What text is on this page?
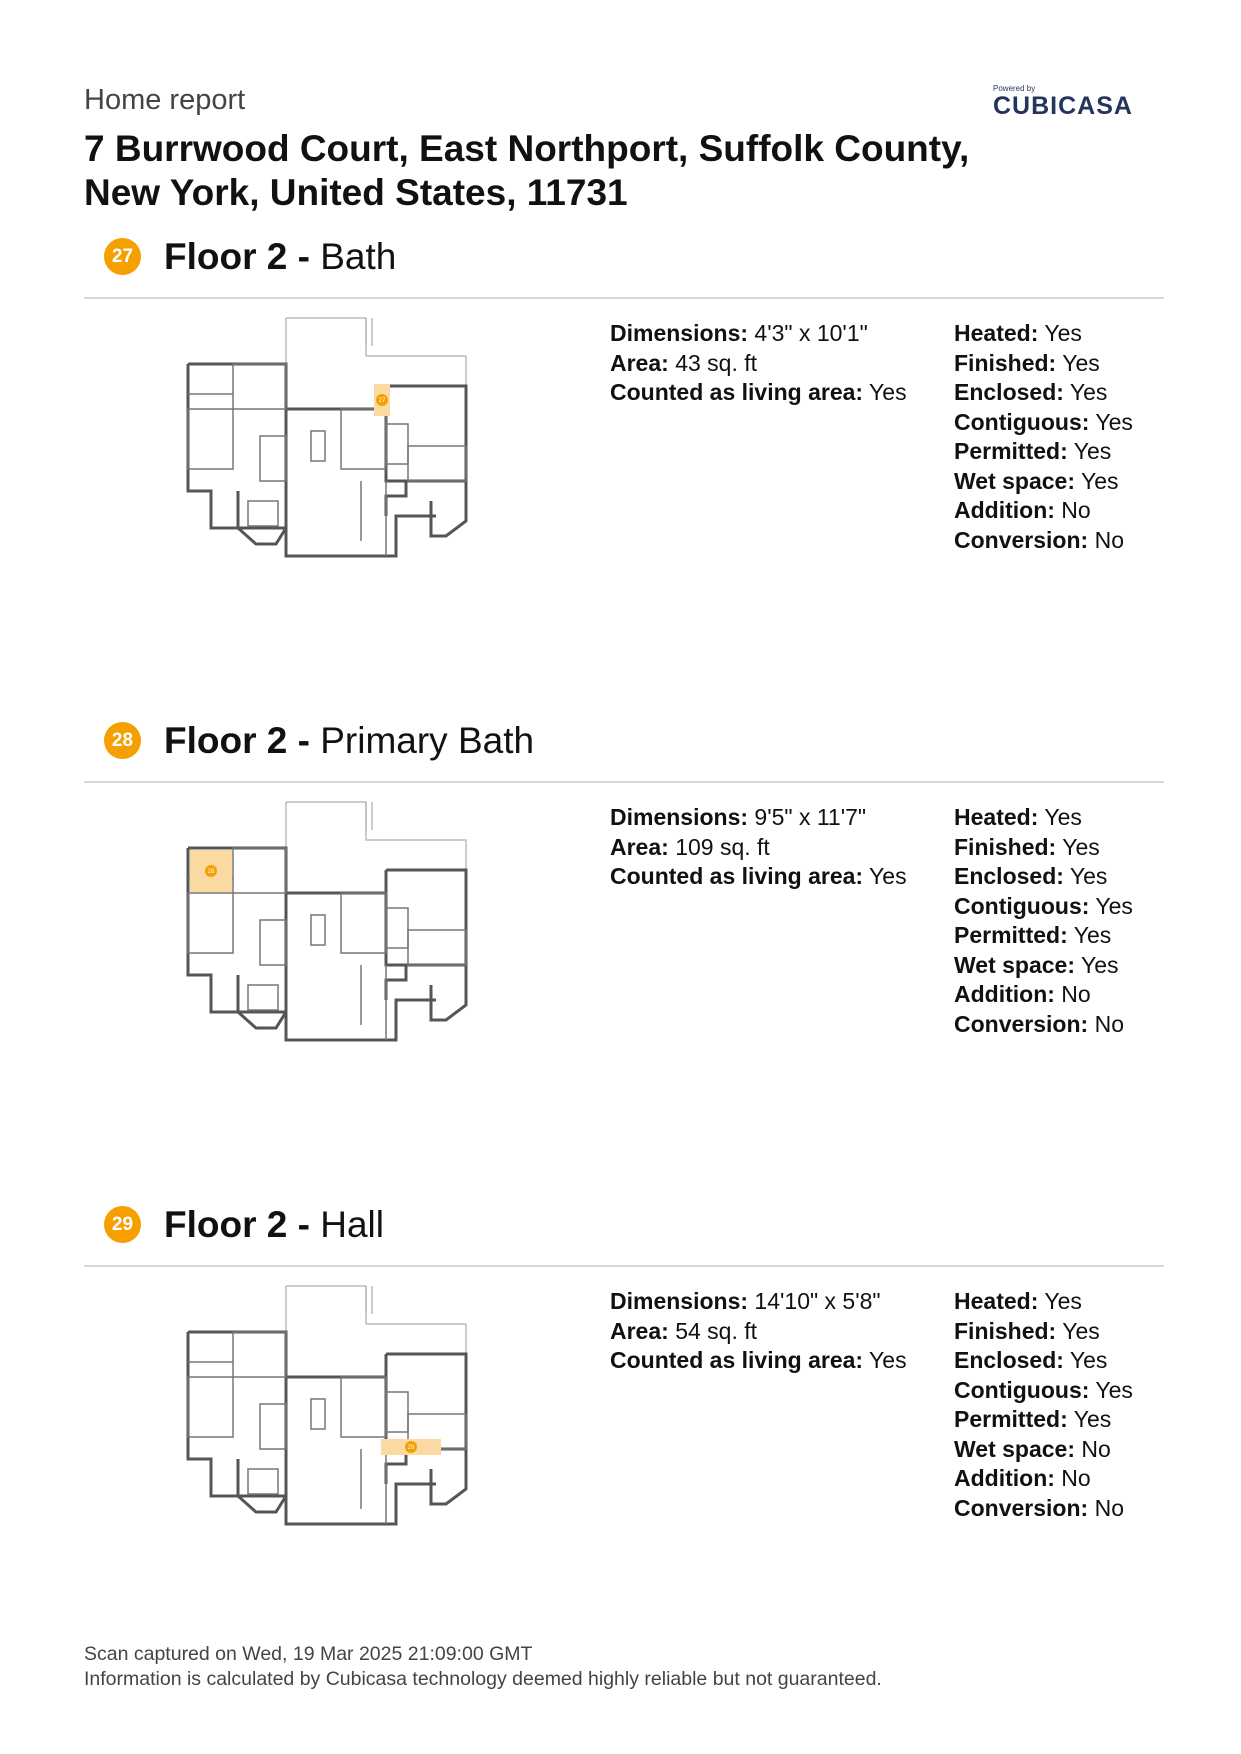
Home report	Powered by
CUBICASA
7 Burrwood Court, East Northport, Suffolk County, New York, United States, 11731
27 Floor 2 - Bath
27
Dimensions: 4'3" x 10'1"
Area: 43 sq. ft
Counted as living area: Yes
Heated: Yes
Finished: Yes
Enclosed: Yes
Contiguous: Yes
Permitted: Yes
Wet space: Yes
Addition: No
Conversion: No
28 Floor 2 - Primary Bath
28
Dimensions: 9'5" x 11'7"
Area: 109 sq. ft
Counted as living area: Yes
Heated: Yes
Finished: Yes
Enclosed: Yes
Contiguous: Yes
Permitted: Yes
Wet space: Yes
Addition: No
Conversion: No
29 Floor 2 - Hall
29
Dimensions: 14'10" x 5'8"
Area: 54 sq. ft
Counted as living area: Yes
Heated: Yes
Finished: Yes
Enclosed: Yes
Contiguous: Yes
Permitted: Yes
Wet space: No
Addition: No
Conversion: No
Scan captured on Wed, 19 Mar 2025 21:09:00 GMT
Information is calculated by Cubicasa technology deemed highly reliable but not guaranteed.
